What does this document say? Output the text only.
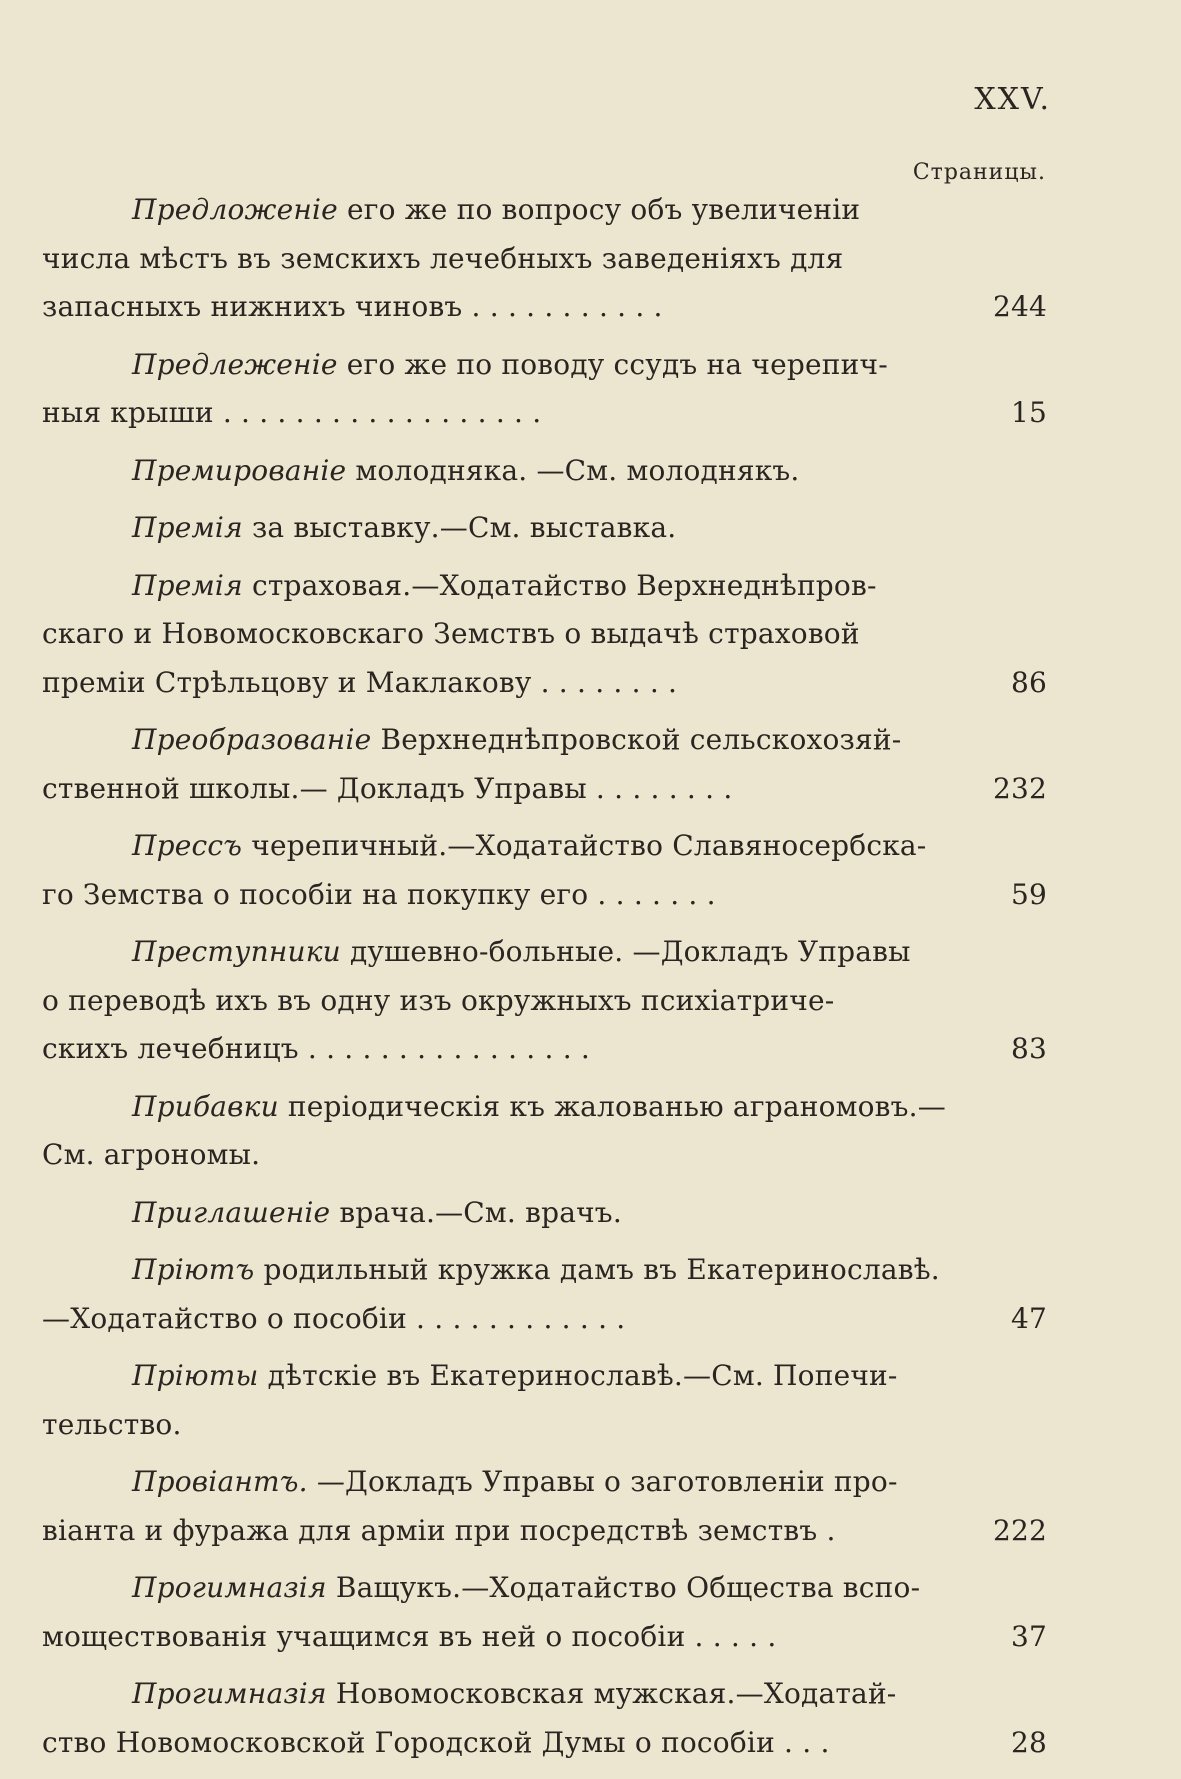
XXV.
Страницы.
Предложенiе его же по вопросу объ увеличенiи
числа мѣстъ въ земскихъ лечебныхъ заведенiяхъ для
запасныхъ нижнихъ чиновъ . . . . . . . . . . .	244
Предлеженiе его же по поводу ссудъ на черепич-
ныя крыши . . . . . . . . . . . . . . . . . .	15
Премированiе молодняка. —См. молоднякъ.
Премiя за выставку.—См. выставка.
Премiя страховая.—Ходатайство Верхнеднѣпров-
скаго и Новомосковскаго Земствъ о выдачѣ страховой
премiи Стрѣльцову и Маклакову . . . . . . . .	86
Преобразованiе Верхнеднѣпровской сельскохозяй-
ственной школы.— Докладъ Управы . . . . . . . .	232
Прессъ черепичный.—Ходатайство Славяносербска-
го Земства о пособiи на покупку его . . . . . . .	59
Преступники душевно-больные. —Докладъ Управы
о переводѣ ихъ въ одну изъ окружныхъ психiатриче-
скихъ лечебницъ . . . . . . . . . . . . . . . .	83
Прибавки перiодическiя къ жалованью аграномовъ.—
См. агрономы.
Приглашенiе врача.—См. врачъ.
Прiютъ родильный кружка дамъ въ Екатеринославѣ.
—Ходатайство о пособiи . . . . . . . . . . . .	47
Прiюты дѣтскiе въ Екатеринославѣ.—См. Попечи-
тельство.
Провiантъ. —Докладъ Управы о заготовленiи про-
вiанта и фуража для армiи при посредствѣ земствъ .	222
Прогимназiя Ващукъ.—Ходатайство Общества вспо-
моществованiя учащимся въ ней о пособiи . . . . .	37
Прогимназiя Новомосковская мужская.—Ходатай-
ство Новомосковской Городской Думы о пособiи . . .	28
